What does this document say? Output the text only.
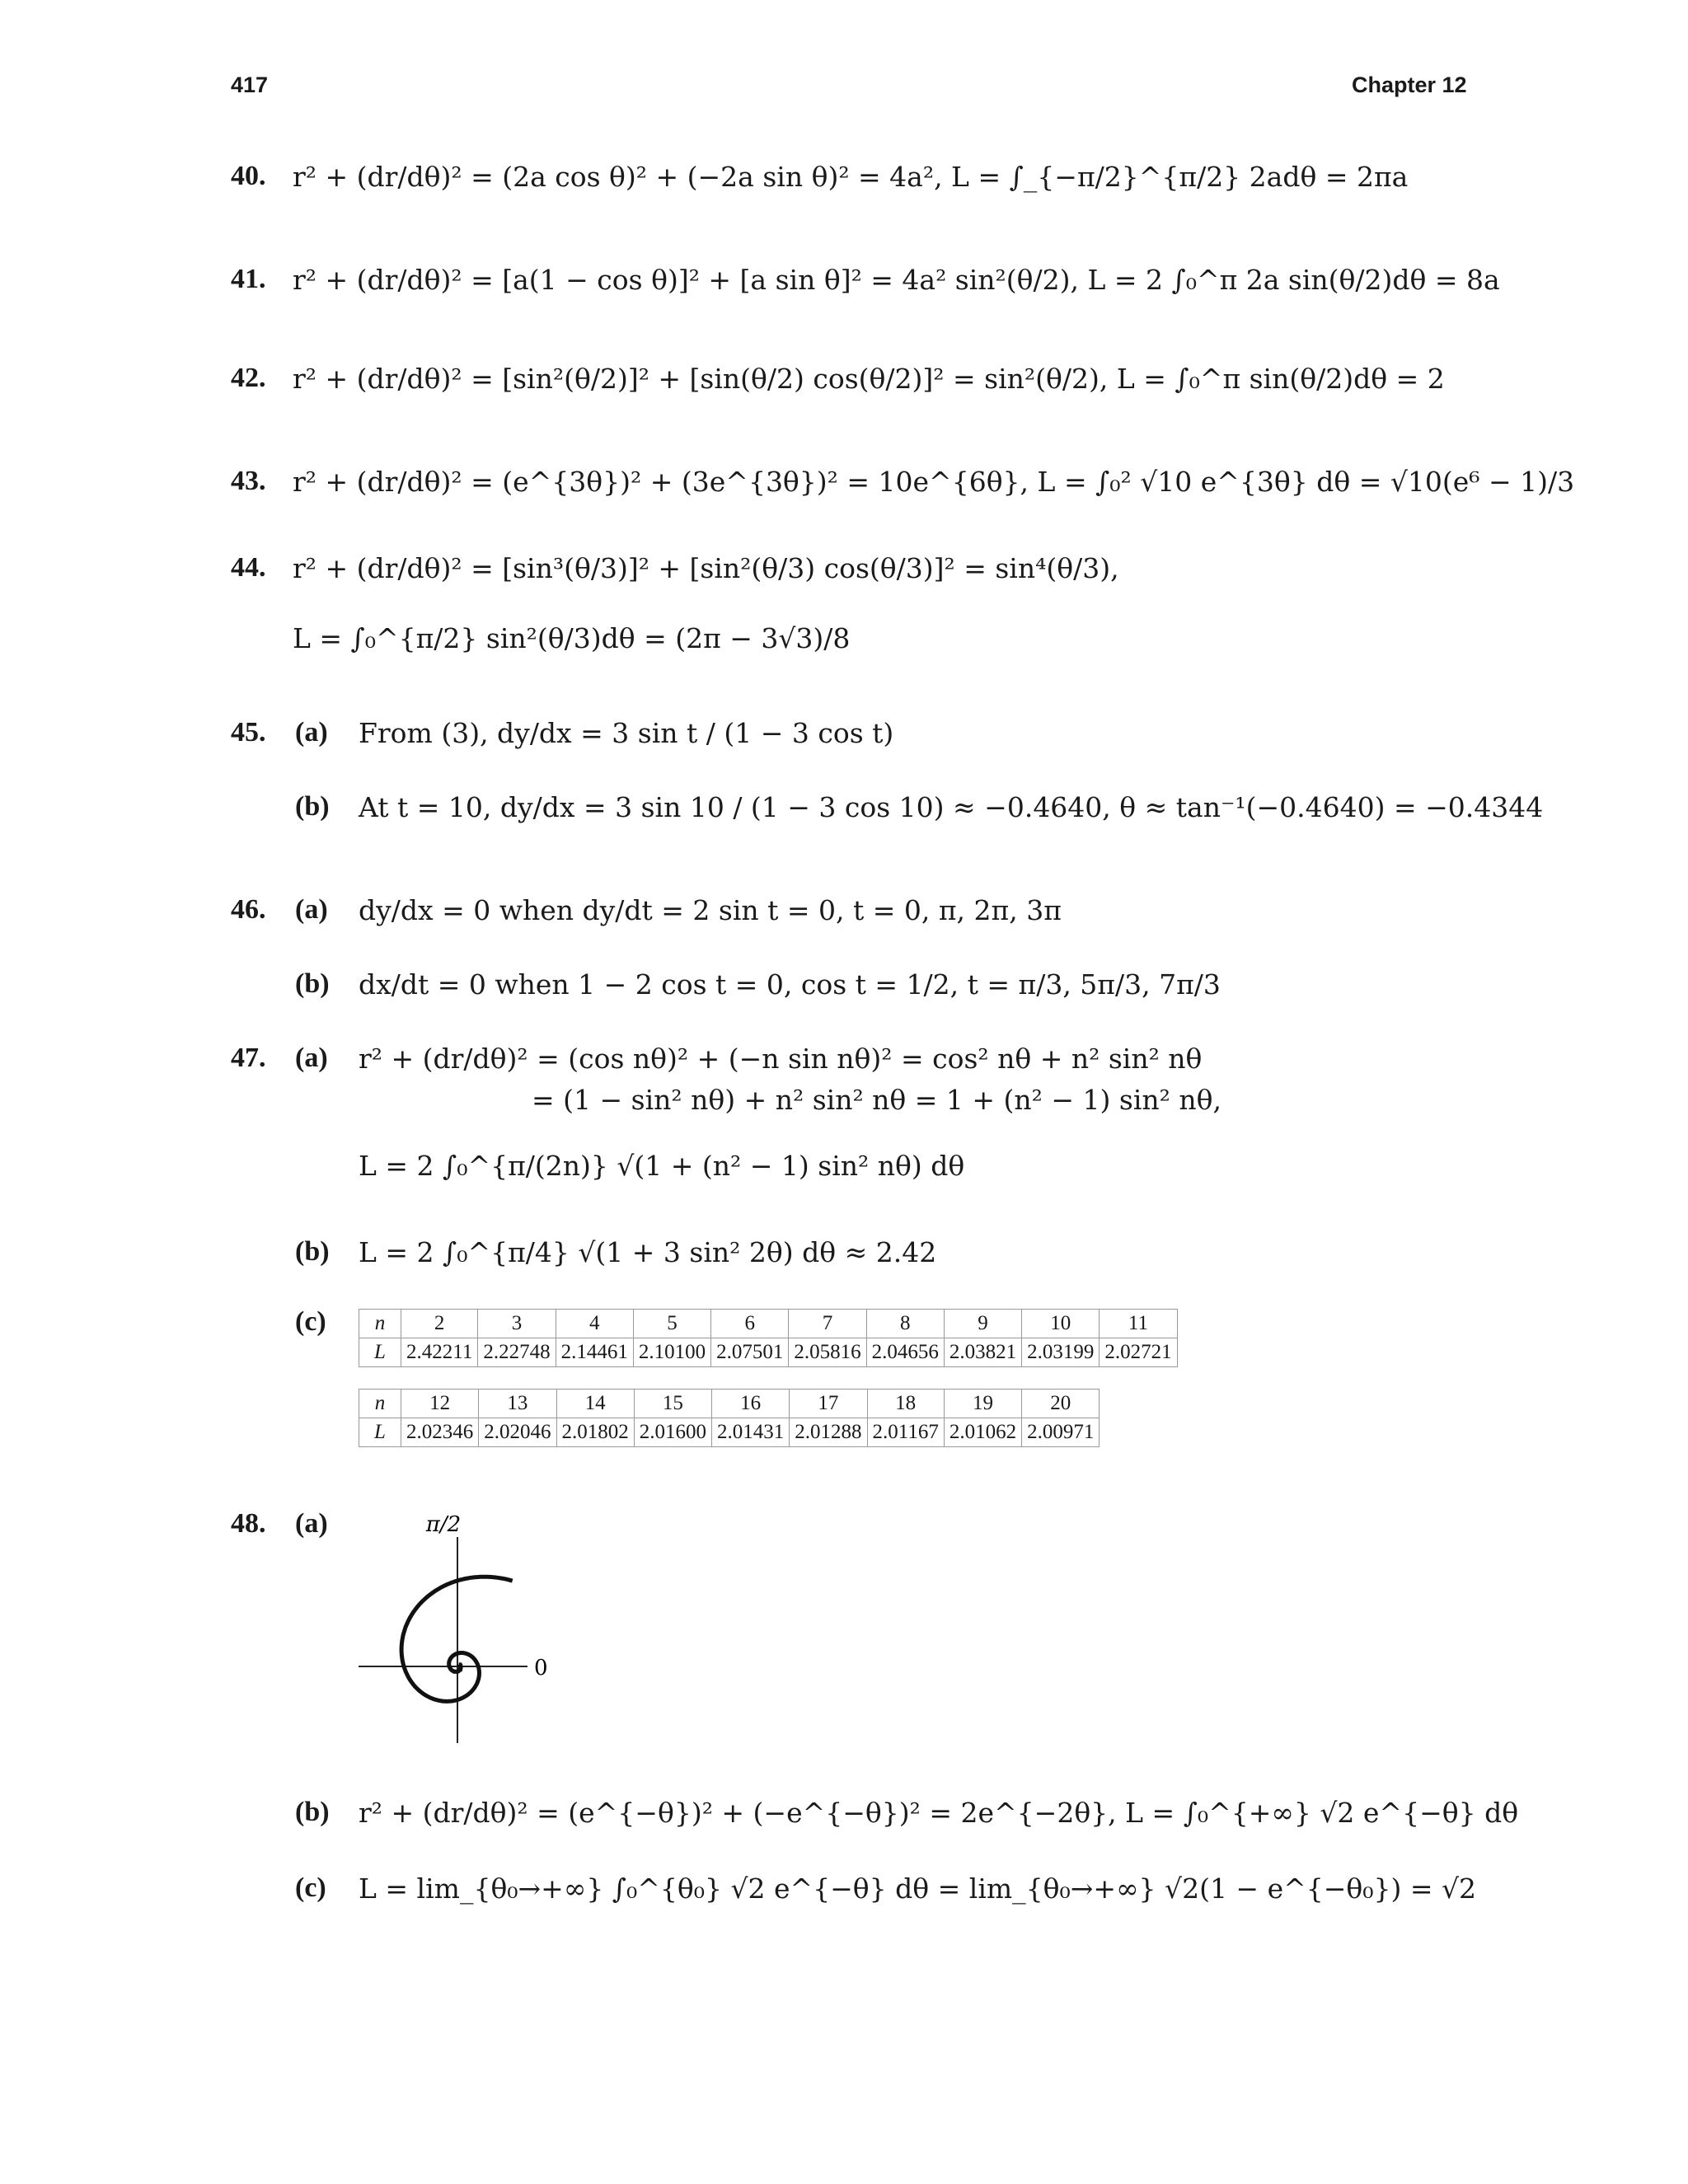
417	Chapter 12
40. r² + (dr/dθ)² = (2a cos θ)² + (−2a sin θ)² = 4a², L = ∫_{−π/2}^{π/2} 2adθ = 2πa
41. r² + (dr/dθ)² = [a(1 − cos θ)]² + [a sin θ]² = 4a² sin²(θ/2), L = 2 ∫₀^π 2a sin(θ/2)dθ = 8a
42. r² + (dr/dθ)² = [sin²(θ/2)]² + [sin(θ/2) cos(θ/2)]² = sin²(θ/2), L = ∫₀^π sin(θ/2)dθ = 2
43. r² + (dr/dθ)² = (e^{3θ})² + (3e^{3θ})² = 10e^{6θ}, L = ∫₀² √10 e^{3θ} dθ = √10(e⁶ − 1)/3
44. r² + (dr/dθ)² = [sin³(θ/3)]² + [sin²(θ/3) cos(θ/3)]² = sin⁴(θ/3),
L = ∫₀^{π/2} sin²(θ/3)dθ = (2π − 3√3)/8
45. (a) From (3), dy/dx = 3 sin t / (1 − 3 cos t)
(b) At t = 10, dy/dx = 3 sin 10 / (1 − 3 cos 10) ≈ −0.4640, θ ≈ tan⁻¹(−0.4640) = −0.4344
46. (a) dy/dx = 0 when dy/dt = 2 sin t = 0, t = 0, π, 2π, 3π
(b) dx/dt = 0 when 1 − 2 cos t = 0, cos t = 1/2, t = π/3, 5π/3, 7π/3
47. (a) r² + (dr/dθ)² = (cos nθ)² + (−n sin nθ)² = cos² nθ + n² sin² nθ
= (1 − sin² nθ) + n² sin² nθ = 1 + (n² − 1) sin² nθ,
L = 2 ∫₀^{π/(2n)} √(1 + (n² − 1) sin² nθ) dθ
(b) L = 2 ∫₀^{π/4} √(1 + 3 sin² 2θ) dθ ≈ 2.42
(c) n	2	3	4	5	6	7	8	9	10	11
L	2.42211	2.22748	2.14461	2.10100	2.07501	2.05816	2.04656	2.03821	2.03199	2.02721
n	12	13	14	15	16	17	18	19	20
L	2.02346	2.02046	2.01802	2.01600	2.01431	2.01288	2.01167	2.01062	2.00971
48. (a)	π/2
0
(b) r² + (dr/dθ)² = (e^{−θ})² + (−e^{−θ})² = 2e^{−2θ}, L = ∫₀^{+∞} √2 e^{−θ} dθ
(c) L = lim_{θ₀→+∞} ∫₀^{θ₀} √2 e^{−θ} dθ = lim_{θ₀→+∞} √2(1 − e^{−θ₀}) = √2
